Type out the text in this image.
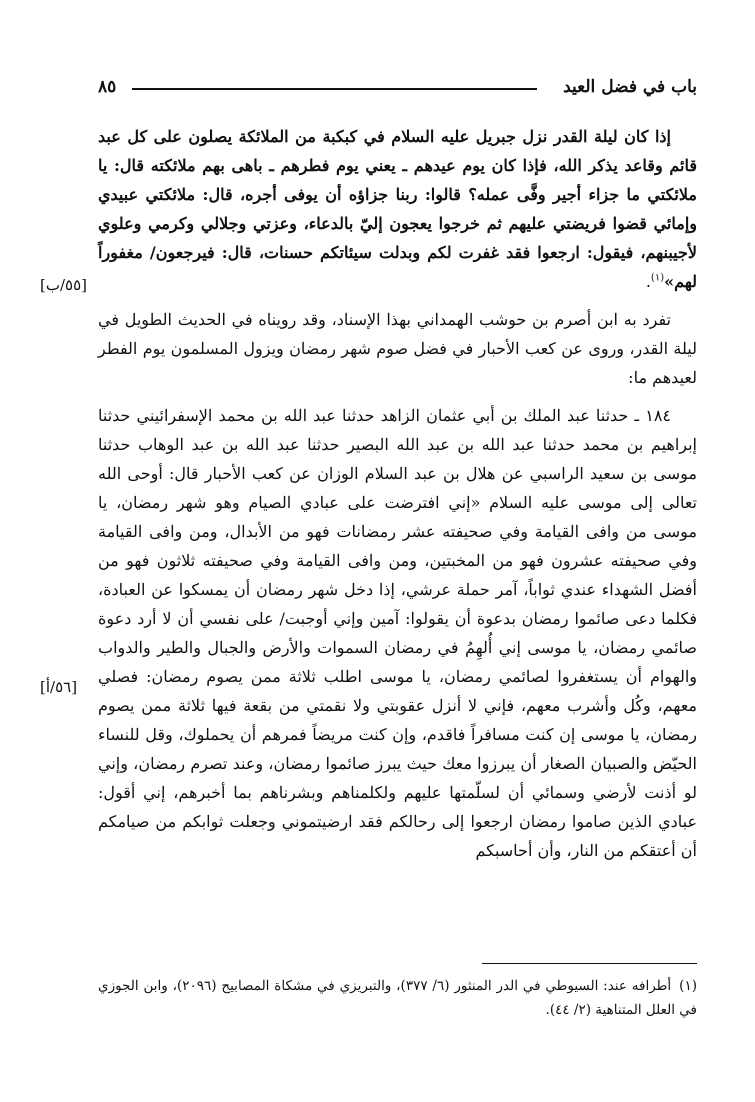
باب في فضل العيد
٨٥

إذا كان ليلة القدر نزل جبريل عليه السلام في كبكبة من الملائكة يصلون على كل عبد قائم وقاعد يذكر الله، فإذا كان يوم عيدهم ـ يعني يوم فطرهم ـ باهى بهم ملائكته قال: يا ملائكتي ما جزاء أجير وفَّى عمله؟ قالوا: ربنا جزاؤه أن يوفى أجره، قال: ملائكتي عبيدي وإمائي قضوا فريضتي عليهم ثم خرجوا يعجون إليّ بالدعاء، وعزتي وجلالي وكرمي وعلوي لأجيبنهم، فيقول: ارجعوا فقد غفرت لكم وبدلت سيئاتكم حسنات، قال: فيرجعون/ مغفوراً لهم»$^{(١)}$.

تفرد به ابن أصرم بن حوشب الهمداني بهذا الإسناد، وقد رويناه في الحديث الطويل في ليلة القدر، وروى عن كعب الأحبار في فضل صوم شهر رمضان ويزول المسلمون يوم الفطر لعيدهم ما:

١٨٤ ـ حدثنا عبد الملك بن أبي عثمان الزاهد حدثنا عبد الله بن محمد الإسفرائيني حدثنا إبراهيم بن محمد حدثنا عبد الله بن عبد الله البصير حدثنا عبد الله بن عبد الوهاب حدثنا موسى بن سعيد الراسبي عن هلال بن عبد السلام الوزان عن كعب الأحبار قال: أوحى الله تعالى إلى موسى عليه السلام «إني افترضت على عبادي الصيام وهو شهر رمضان، يا موسى من وافى القيامة وفي صحيفته عشر رمضانات فهو من الأبدال، ومن وافى القيامة وفي صحيفته عشرون فهو من المخبتين، ومن وافى القيامة وفي صحيفته ثلاثون فهو من أفضل الشهداء عندي ثواباً، آمر حملة عرشي، إذا دخل شهر رمضان أن يمسكوا عن العبادة، فكلما دعى صائموا رمضان بدعوة أن يقولوا: آمين وإني أوجبت/ على نفسي أن لا أرد دعوة صائمي رمضان، يا موسى إني أُلهِمُ في رمضان السموات والأرض والجبال والطير والدواب والهوام أن يستغفروا لصائمي رمضان، يا موسى اطلب ثلاثة ممن يصوم رمضان: فصلي معهم، وكُل وأشرب معهم، فإني لا أنزل عقوبتي ولا نقمتي من بقعة فيها ثلاثة ممن يصوم رمضان، يا موسى إن كنت مسافراً فاقدم، وإن كنت مريضاً فمرهم أن يحملوك، وقل للنساء الحيّض والصبيان الصغار أن يبرزوا معك حيث يبرز صائموا رمضان، وعند تصرم رمضان، وإني لو أذنت لأرضي وسمائي أن لسلّمتها عليهم ولكلمناهم وبشرناهم بما أخبرهم، إني أقول: عبادي الذين صاموا رمضان ارجعوا إلى رحالكم فقد ارضيتموني وجعلت ثوابكم من صيامكم أن أعتقكم من النار، وأن أحاسبكم

[٥٥/ب]
[٥٦/أ]

(١)أطرافه عند: السيوطي في الدر المنثور (٦/ ٣٧٧)، والتبريزي في مشكاة المصابيح (٢٠٩٦)، وابن الجوزي في العلل المتناهية (٢/ ٤٤).
